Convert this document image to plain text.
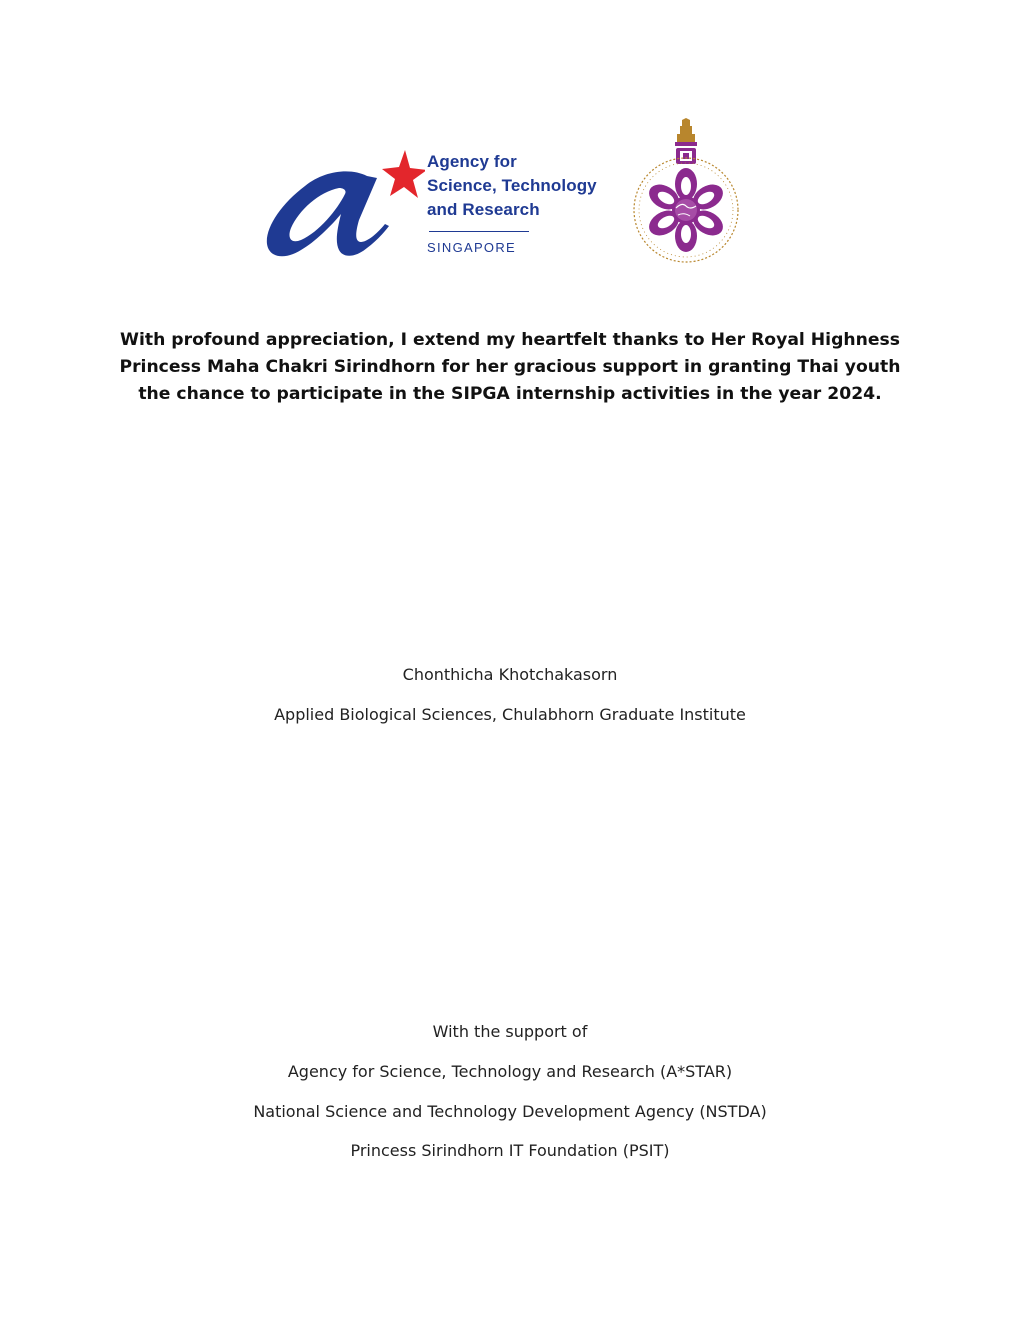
Agency for
Science, Technology
and Research
SINGAPORE
With profound appreciation, I extend my heartfelt thanks to Her Royal Highness
Princess Maha Chakri Sirindhorn for her gracious support in granting Thai youth
the chance to participate in the SIPGA internship activities in the year 2024.
Chonthicha Khotchakasorn
Applied Biological Sciences, Chulabhorn Graduate Institute
With the support of
Agency for Science, Technology and Research (A*STAR)
National Science and Technology Development Agency (NSTDA)
Princess Sirindhorn IT Foundation (PSIT)
